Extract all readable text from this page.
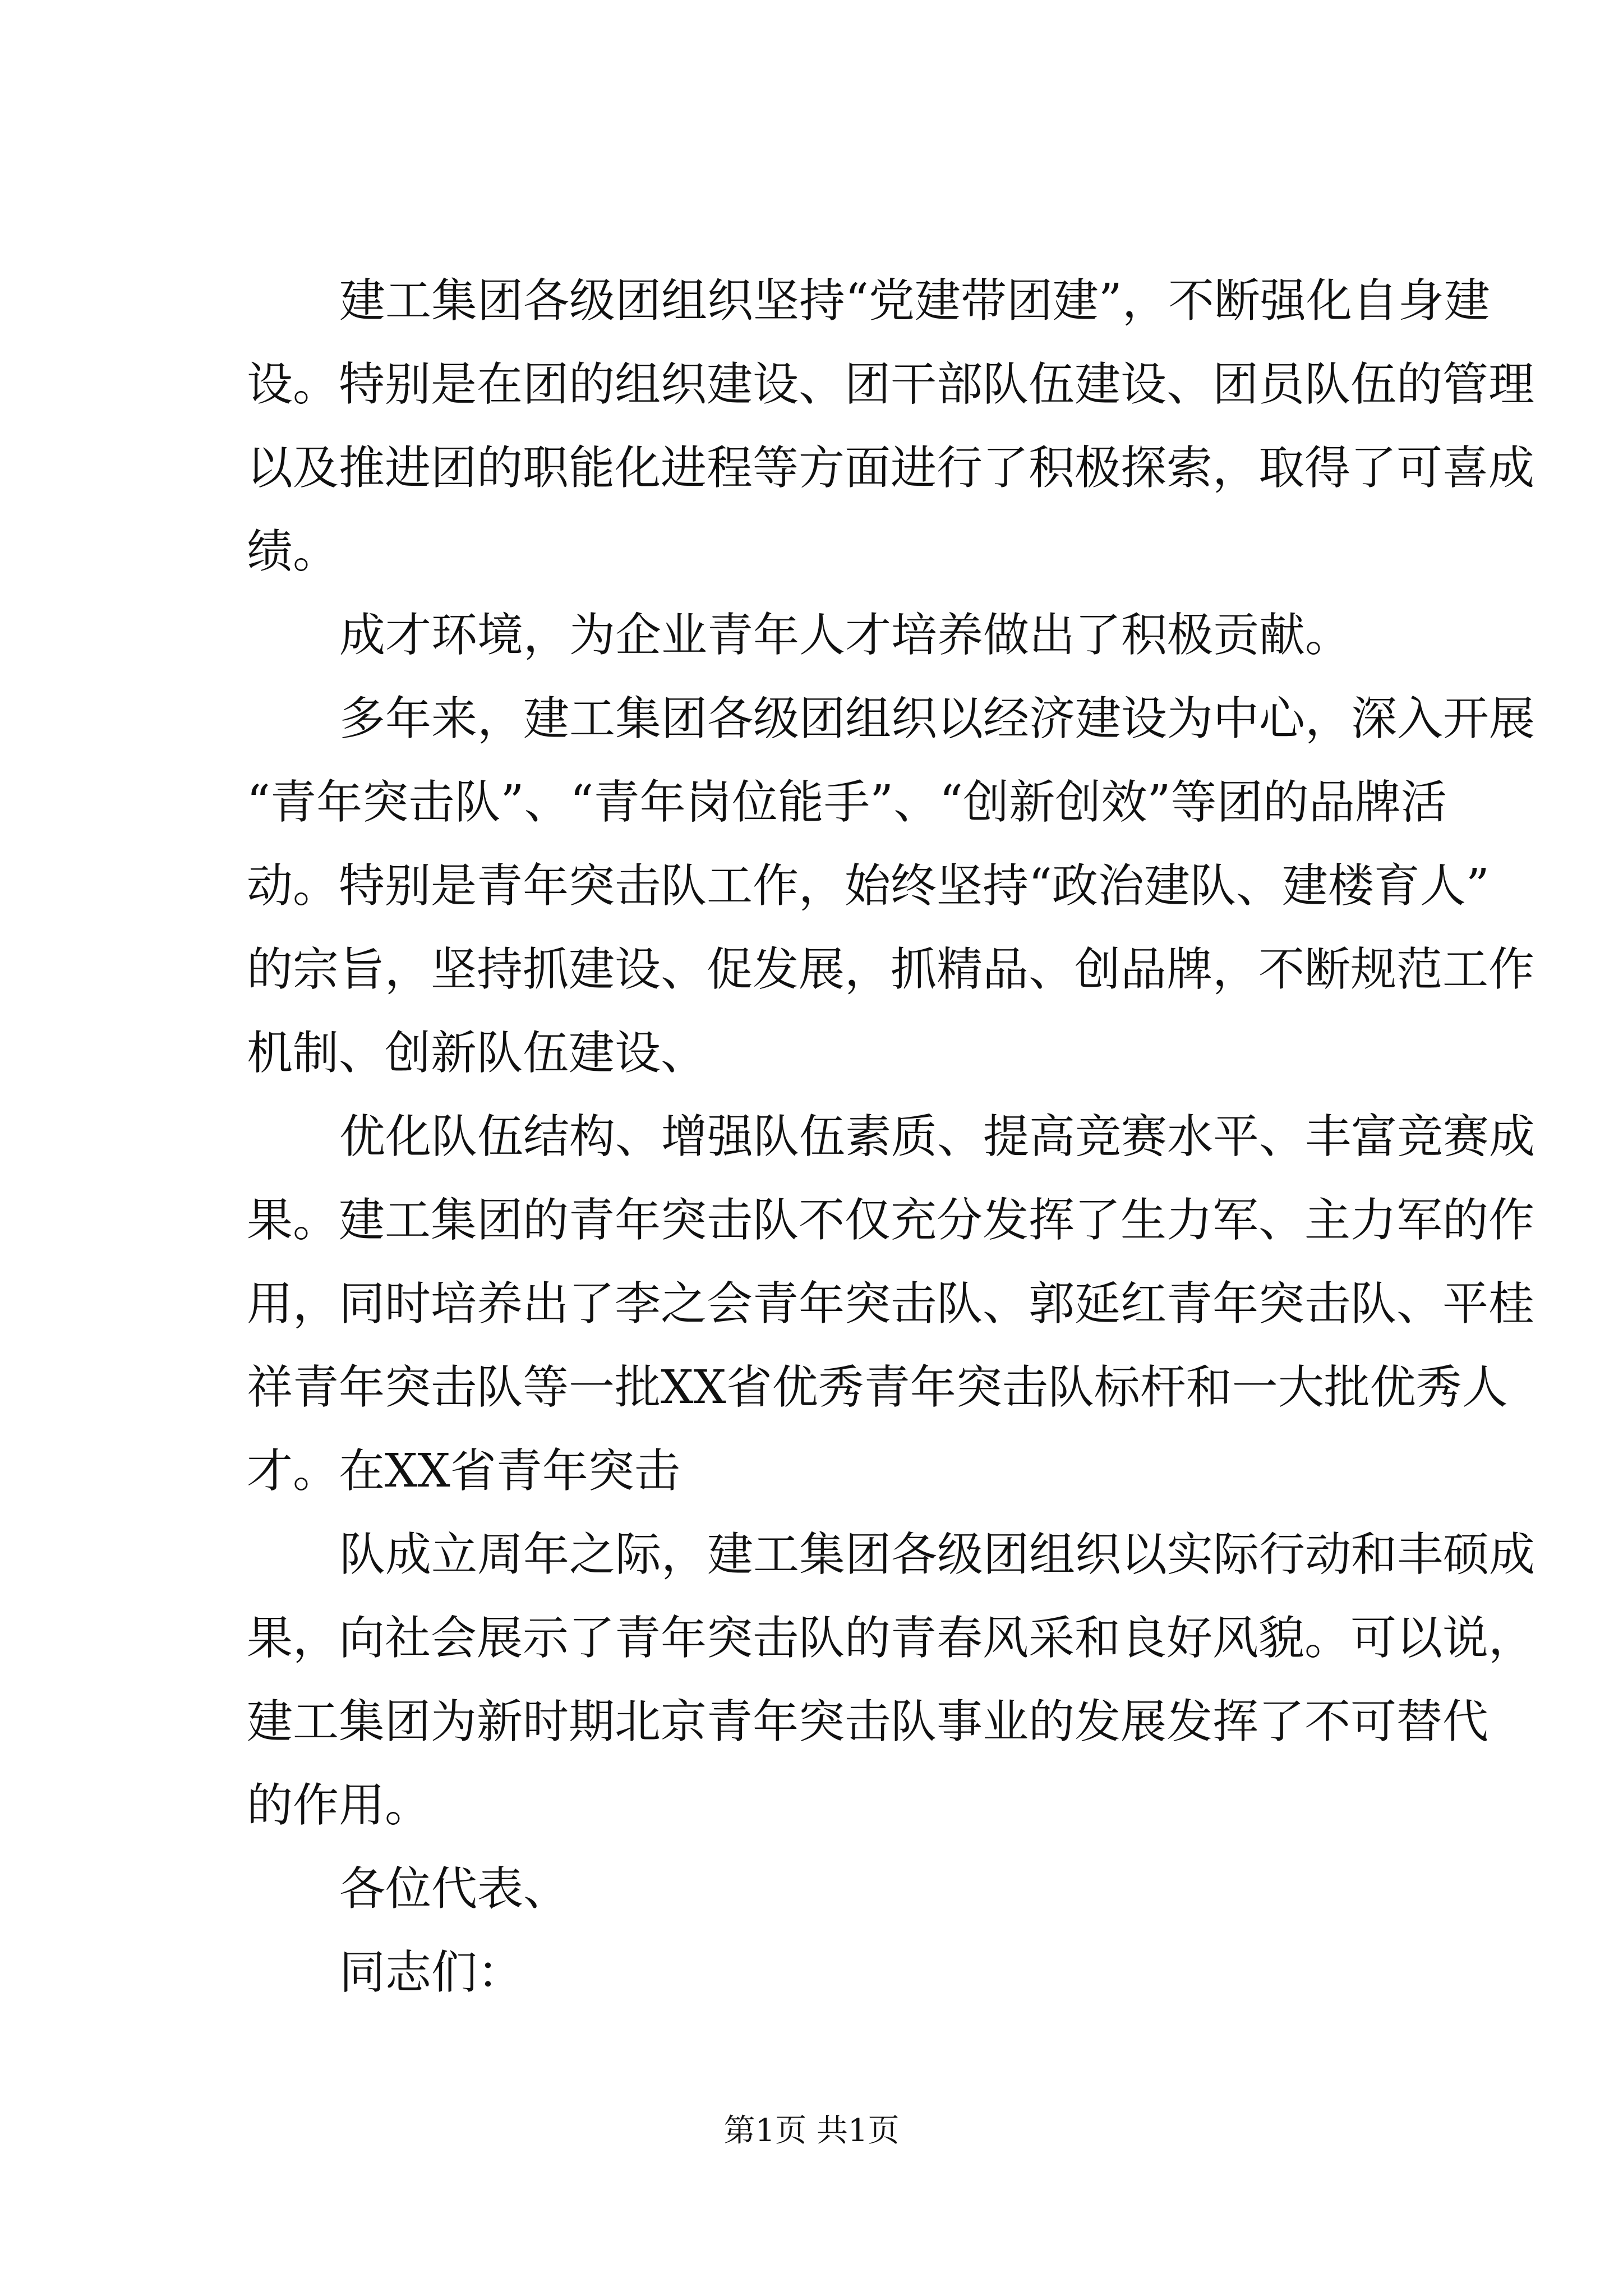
建工集团各级团组织坚持“党建带团建”，不断强化自身建
设。特别是在团的组织建设、团干部队伍建设、团员队伍的管理
以及推进团的职能化进程等方面进行了积极探索，取得了可喜成
绩。
成才环境，为企业青年人才培养做出了积极贡献。
多年来，建工集团各级团组织以经济建设为中心，深入开展
“青年突击队”、“青年岗位能手”、“创新创效”等团的品牌活
动。特别是青年突击队工作，始终坚持“政治建队、建楼育人”
的宗旨，坚持抓建设、促发展，抓精品、创品牌，不断规范工作
机制、创新队伍建设、
优化队伍结构、增强队伍素质、提高竞赛水平、丰富竞赛成
果。建工集团的青年突击队不仅充分发挥了生力军、主力军的作
用，同时培养出了李之会青年突击队、郭延红青年突击队、平桂
祥青年突击队等一批XX省优秀青年突击队标杆和一大批优秀人
才。在XX省青年突击
队成立周年之际，建工集团各级团组织以实际行动和丰硕成
果，向社会展示了青年突击队的青春风采和良好风貌。可以说，
建工集团为新时期北京青年突击队事业的发展发挥了不可替代
的作用。
各位代表、
同志们：
第1页 共1页
